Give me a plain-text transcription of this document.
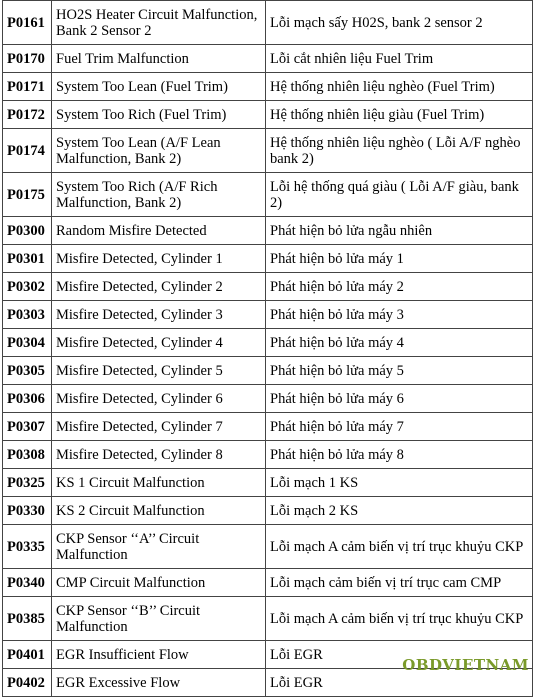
P0161	HO2S Heater Circuit Malfunction, Bank 2 Sensor 2	Lỗi mạch sấy H02S, bank 2 sensor 2
P0170	Fuel Trim Malfunction	Lỗi cắt nhiên liệu Fuel Trim
P0171	System Too Lean (Fuel Trim)	Hệ thống nhiên liệu nghèo (Fuel Trim)
P0172	System Too Rich (Fuel Trim)	Hệ thống nhiên liệu giàu (Fuel Trim)
P0174	System Too Lean (A/F Lean Malfunction, Bank 2)	Hệ thống nhiên liệu nghèo ( Lỗi A/F nghèo bank 2)
P0175	System Too Rich (A/F Rich Malfunction, Bank 2)	Lỗi hệ thống quá giàu ( Lỗi A/F giàu, bank 2)
P0300	Random Misfire Detected	Phát hiện bỏ lửa ngẫu nhiên
P0301	Misfire Detected, Cylinder 1	Phát hiện bỏ lửa máy 1
P0302	Misfire Detected, Cylinder 2	Phát hiện bỏ lửa máy 2
P0303	Misfire Detected, Cylinder 3	Phát hiện bỏ lửa máy 3
P0304	Misfire Detected, Cylinder 4	Phát hiện bỏ lửa máy 4
P0305	Misfire Detected, Cylinder 5	Phát hiện bỏ lửa máy 5
P0306	Misfire Detected, Cylinder 6	Phát hiện bỏ lửa máy 6
P0307	Misfire Detected, Cylinder 7	Phát hiện bỏ lửa máy 7
P0308	Misfire Detected, Cylinder 8	Phát hiện bỏ lửa máy 8
P0325	KS 1 Circuit Malfunction	Lỗi mạch 1 KS
P0330	KS 2 Circuit Malfunction	Lỗi mạch 2 KS
P0335	CKP Sensor ‘‘A’’ Circuit Malfunction	Lỗi mạch A cảm biến vị trí trục khuỷu CKP
P0340	CMP Circuit Malfunction	Lỗi mạch cảm biến vị trí trục cam CMP
P0385	CKP Sensor ‘‘B’’ Circuit Malfunction	Lỗi mạch A cảm biến vị trí trục khuỷu CKP
P0401	EGR Insufficient Flow	Lỗi EGR
P0402	EGR Excessive Flow	Lỗi EGR
OBDVIETNAM
